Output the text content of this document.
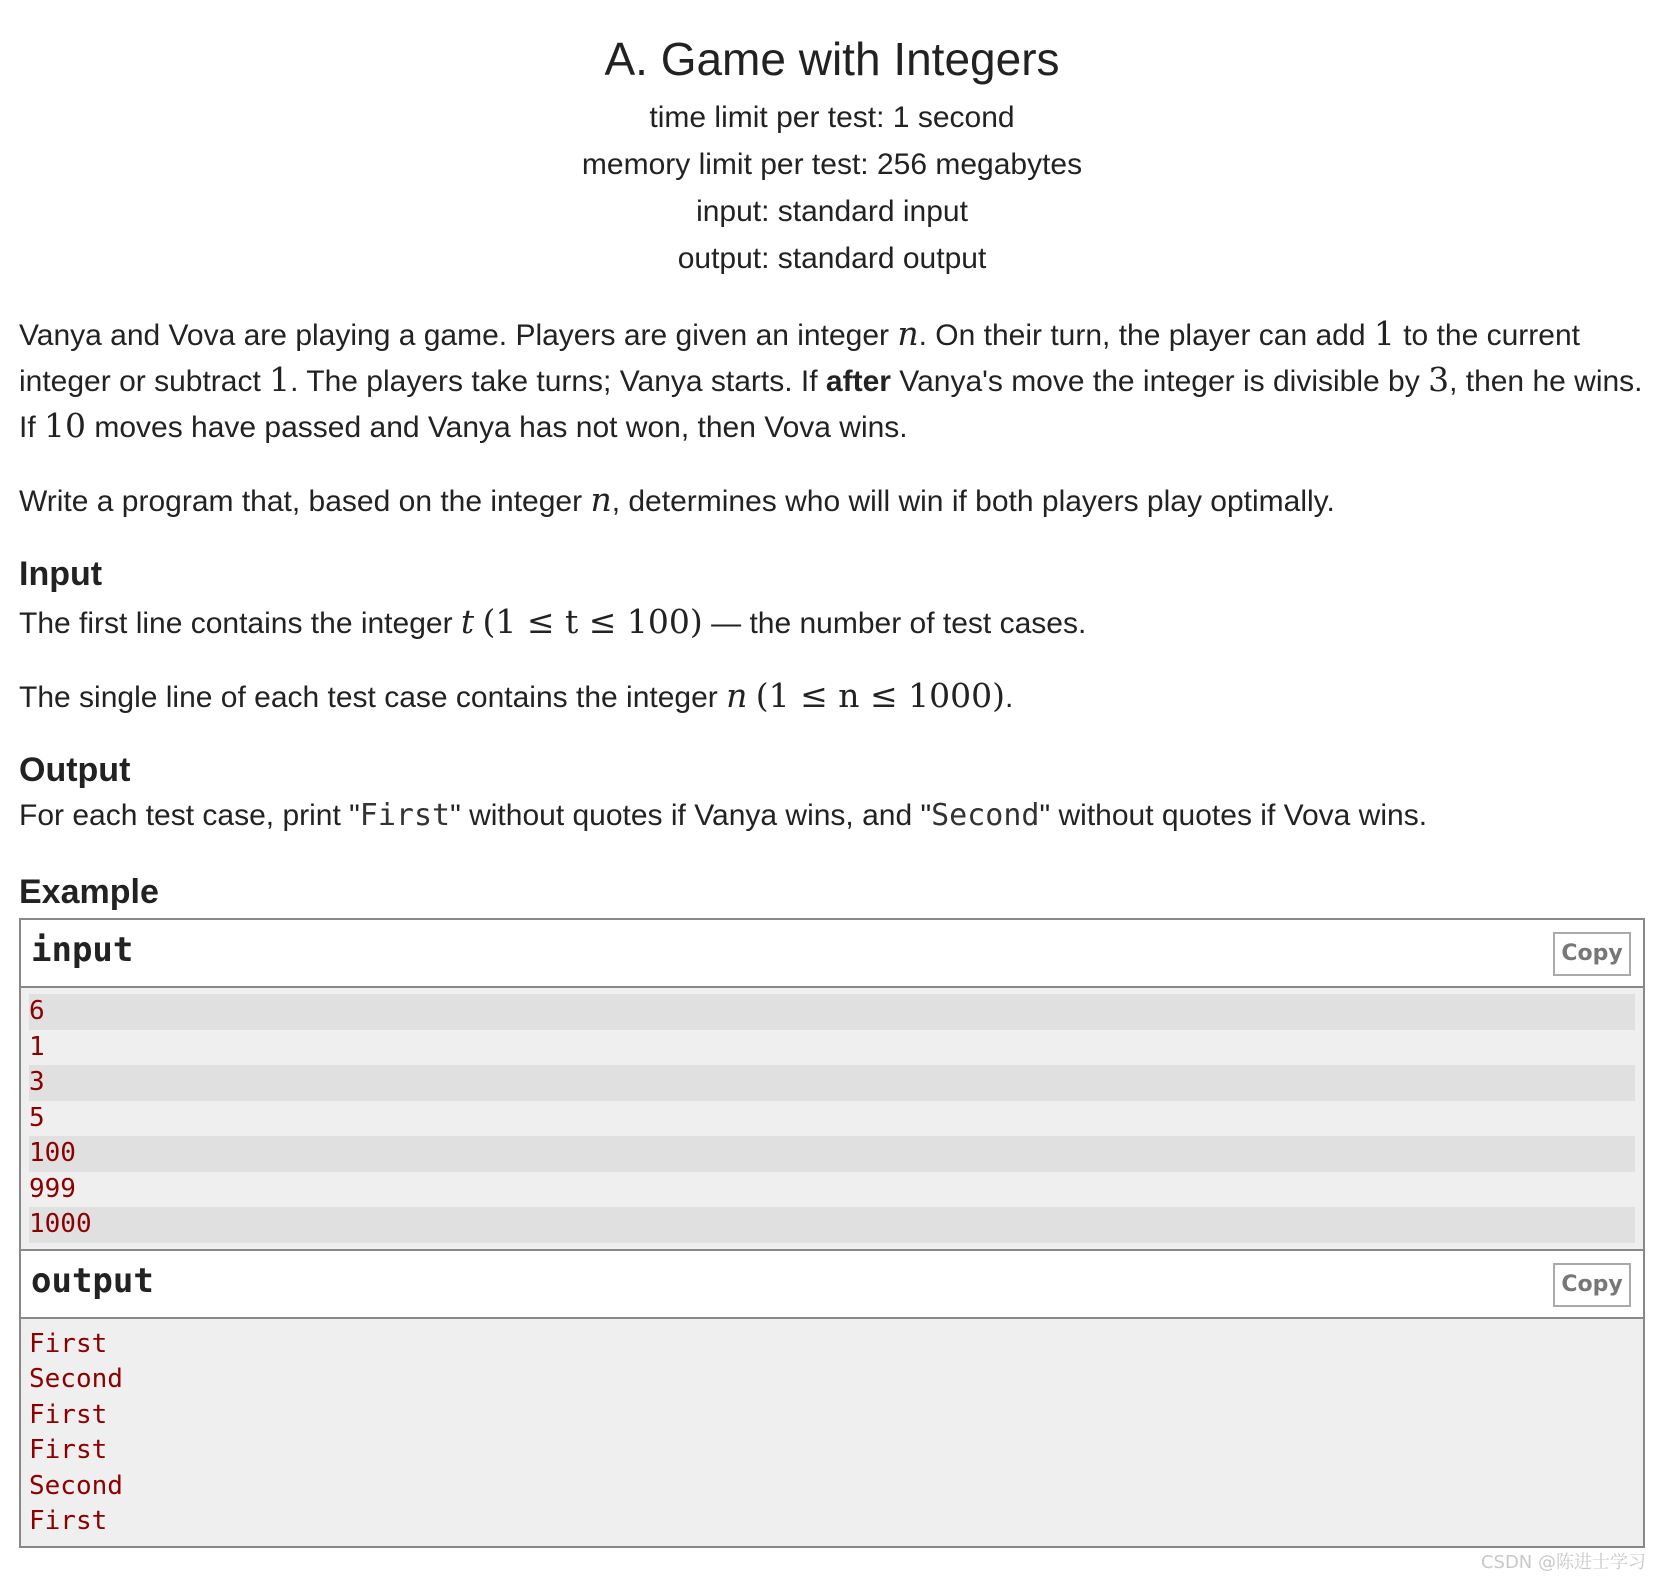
A. Game with Integers
time limit per test: 1 second
memory limit per test: 256 megabytes
input: standard input
output: standard output

Vanya and Vova are playing a game. Players are given an integer n. On their turn, the player can add 1 to the current integer or subtract 1. The players take turns; Vanya starts. If after Vanya's move the integer is divisible by 3, then he wins. If 10 moves have passed and Vanya has not won, then Vova wins.

Write a program that, based on the integer n, determines who will win if both players play optimally.

Input

The first line contains the integer t (1 ≤ t ≤ 100) — the number of test cases.

The single line of each test case contains the integer n (1 ≤ n ≤ 1000).

Output

For each test case, print "First" without quotes if Vanya wins, and "Second" without quotes if Vova wins.

Example
input	Copy
6
1
3
5
100
999
1000
output	Copy
First
Second
First
First
Second
First
CSDN @陈进士学习
